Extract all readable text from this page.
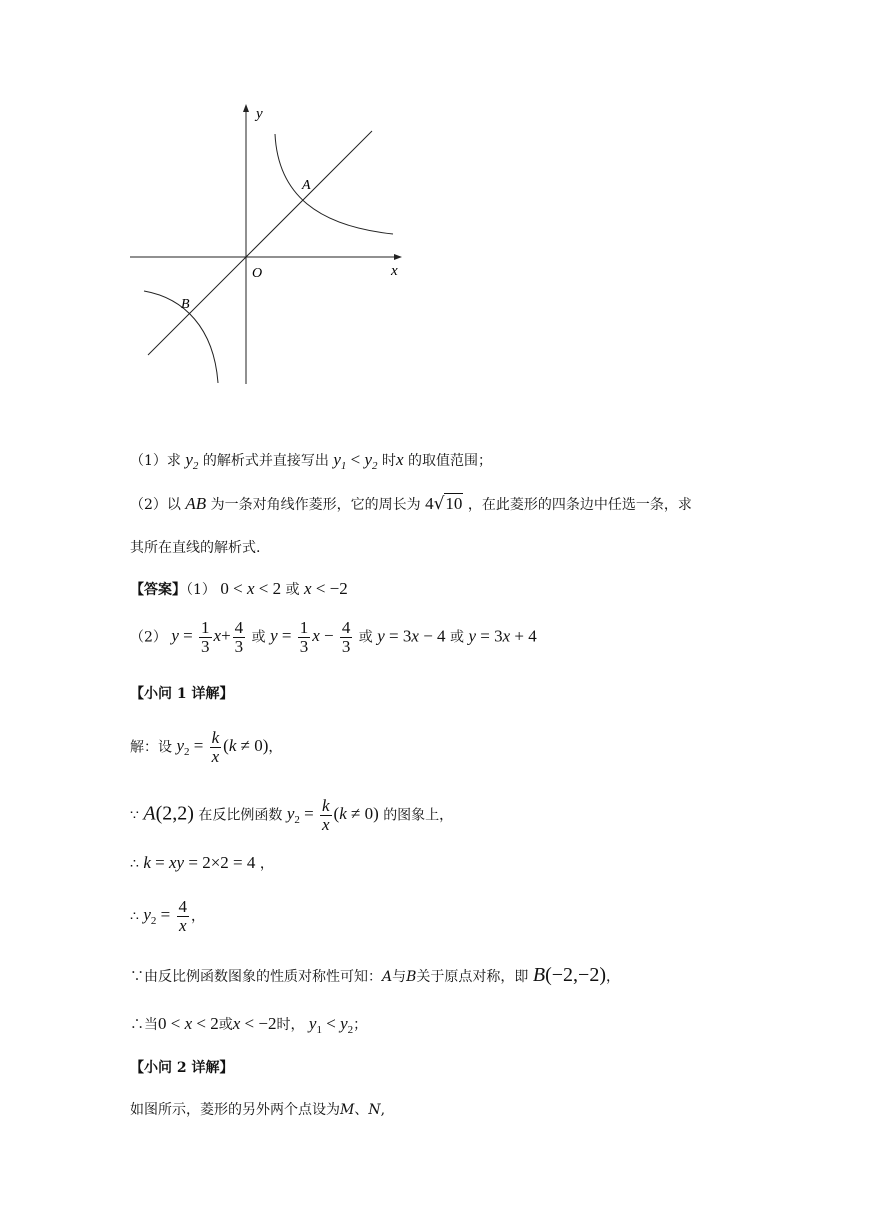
y
x
O
A
B
（1）求 $y_2$ 的解析式并直接写出 $y_1 < y_2$ 时x 的取值范围；
（2）以 AB 为一条对角线作菱形，它的周长为 4√10 ，在此菱形的四条边中任选一条，求
其所在直线的解析式.
【答案】（1） 0 < x < 2 或 x < −2
（2） $y = \frac{1}{3} x+ \frac{4}{3}$ 或 $y = \frac{1}{3}$ $x - \frac{4}{3}$ 或 y = 3x − 4 或 y = 3x + 4
【小问 1 详解】
解：设 $y_2 = \frac{k}{x} (k \ne 0)$，
∵ A(2,2) 在反比例函数 $y_2 = \frac{k}{x} (k \ne 0)$ 的图象上，
∴ k = xy = 2×2 = 4 ，
∴ $y_2 = \frac{4}{x}$ ，
∵由反比例函数图象的性质对称性可知：A与B关于原点对称，即 B(−2,−2)，
∴当0 < x < 2或x < −2时， $y_1 < y_2$；
【小问 2 详解】
如图所示，菱形的另外两个点设为M、N,
